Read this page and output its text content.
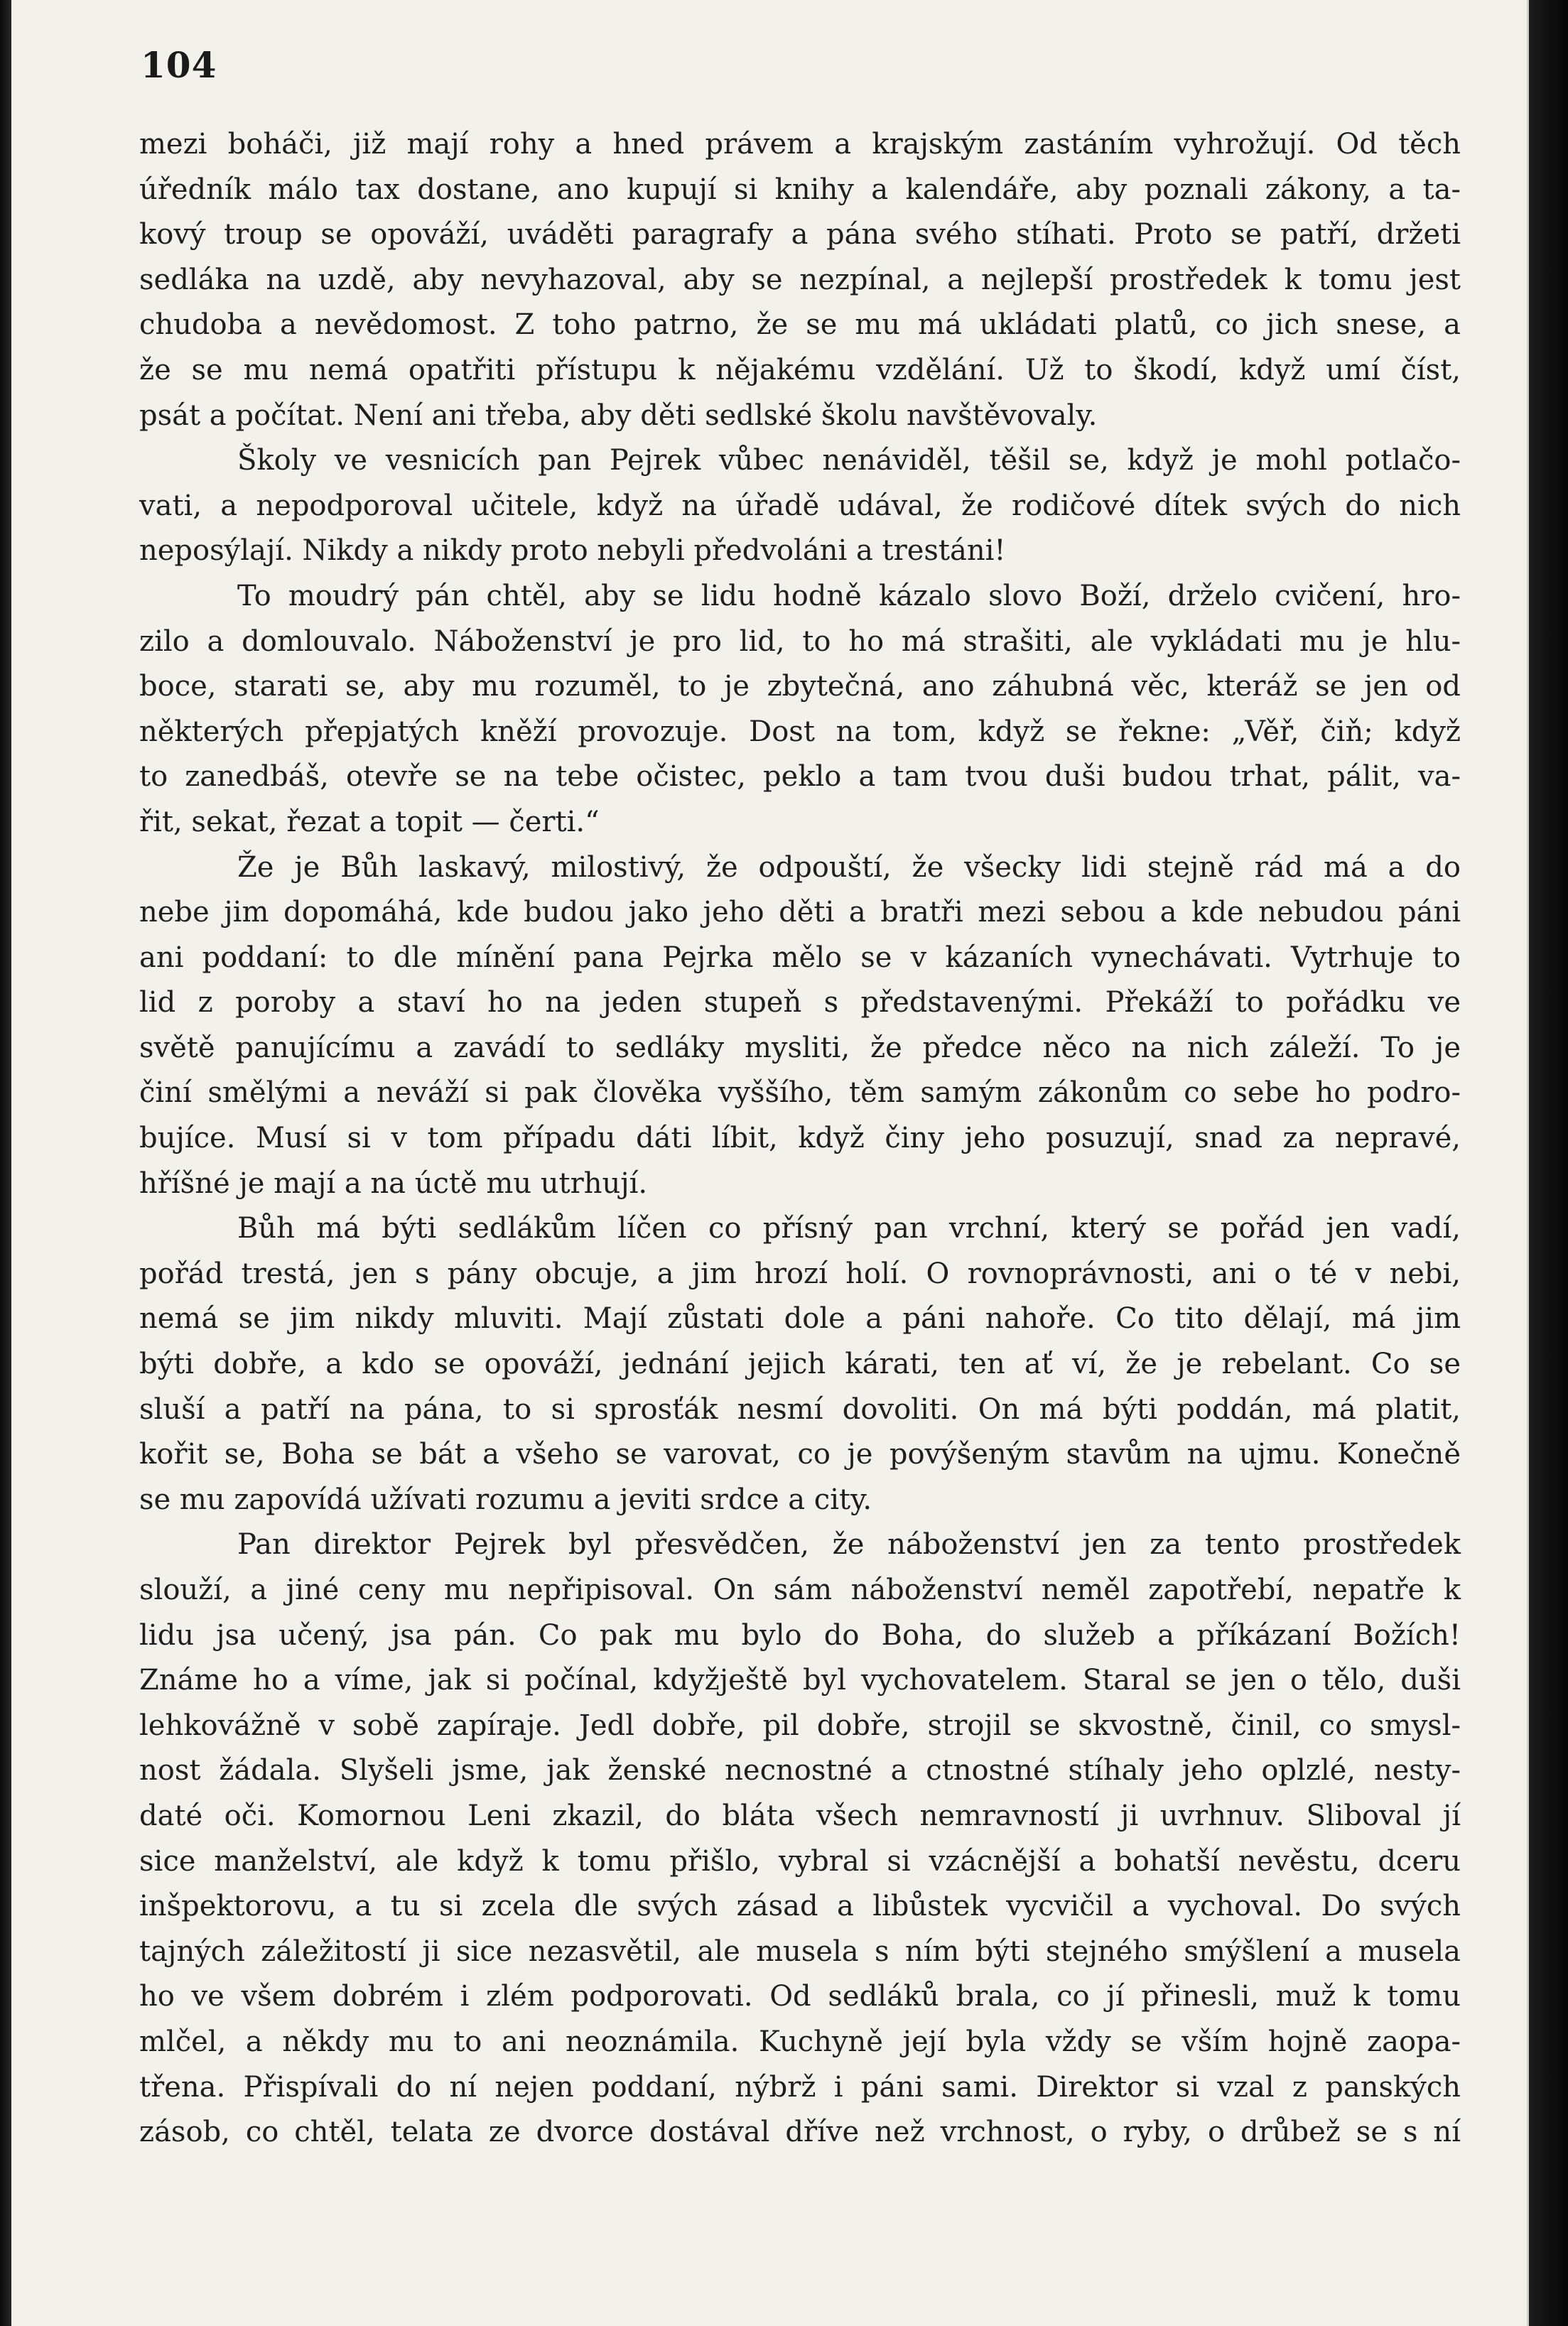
104
mezi boháči, již mají rohy a hned právem a krajským zastáním vyhrožují. Od těch
úředník málo tax dostane, ano kupují si knihy a kalendáře, aby poznali zákony, a ta-
kový troup se opováží, uváděti paragrafy a pána svého stíhati. Proto se patří, držeti
sedláka na uzdě, aby nevyhazoval, aby se nezpínal, a nejlepší prostředek k tomu jest
chudoba a nevědomost. Z toho patrno, že se mu má ukládati platů, co jich snese, a
že se mu nemá opatřiti přístupu k nějakému vzdělání. Už to škodí, když umí číst,
psát a počítat. Není ani třeba, aby děti sedlské školu navštěvovaly.
Školy ve vesnicích pan Pejrek vůbec nenáviděl, těšil se, když je mohl potlačo-
vati, a nepodporoval učitele, když na úřadě udával, že rodičové dítek svých do nich
neposýlají. Nikdy a nikdy proto nebyli předvoláni a trestáni!
To moudrý pán chtěl, aby se lidu hodně kázalo slovo Boží, drželo cvičení, hro-
zilo a domlouvalo. Náboženství je pro lid, to ho má strašiti, ale vykládati mu je hlu-
boce, starati se, aby mu rozuměl, to je zbytečná, ano záhubná věc, kteráž se jen od
některých přepjatých kněží provozuje. Dost na tom, když se řekne: „Věř, čiň; když
to zanedbáš, otevře se na tebe očistec, peklo a tam tvou duši budou trhat, pálit, va-
řit, sekat, řezat a topit — čerti.“
Že je Bůh laskavý, milostivý, že odpouští, že všecky lidi stejně rád má a do
nebe jim dopomáhá, kde budou jako jeho děti a bratři mezi sebou a kde nebudou páni
ani poddaní: to dle mínění pana Pejrka mělo se v kázaních vynechávati. Vytrhuje to
lid z poroby a staví ho na jeden stupeň s představenými. Překáží to pořádku ve
světě panujícímu a zavádí to sedláky mysliti, že předce něco na nich záleží. To je
činí smělými a neváží si pak člověka vyššího, těm samým zákonům co sebe ho podro-
bujíce. Musí si v tom případu dáti líbit, když činy jeho posuzují, snad za nepravé,
hříšné je mají a na úctě mu utrhují.
Bůh má býti sedlákům líčen co přísný pan vrchní, který se pořád jen vadí,
pořád trestá, jen s pány obcuje, a jim hrozí holí. O rovnoprávnosti, ani o té v nebi,
nemá se jim nikdy mluviti. Mají zůstati dole a páni nahoře. Co tito dělají, má jim
býti dobře, a kdo se opováží, jednání jejich kárati, ten ať ví, že je rebelant. Co se
sluší a patří na pána, to si sprosťák nesmí dovoliti. On má býti poddán, má platit,
kořit se, Boha se bát a všeho se varovat, co je povýšeným stavům na ujmu. Konečně
se mu zapovídá užívati rozumu a jeviti srdce a city.
Pan direktor Pejrek byl přesvědčen, že náboženství jen za tento prostředek
slouží, a jiné ceny mu nepřipisoval. On sám náboženství neměl zapotřebí, nepatře k
lidu jsa učený, jsa pán. Co pak mu bylo do Boha, do služeb a příkázaní Božích!
Známe ho a víme, jak si počínal, kdyžještě byl vychovatelem. Staral se jen o tělo, duši
lehkovážně v sobě zapíraje. Jedl dobře, pil dobře, strojil se skvostně, činil, co smysl-
nost žádala. Slyšeli jsme, jak ženské necnostné a ctnostné stíhaly jeho oplzlé, nesty-
daté oči. Komornou Leni zkazil, do bláta všech nemravností ji uvrhnuv. Sliboval jí
sice manželství, ale když k tomu přišlo, vybral si vzácnější a bohatší nevěstu, dceru
inšpektorovu, a tu si zcela dle svých zásad a libůstek vycvičil a vychoval. Do svých
tajných záležitostí ji sice nezasvětil, ale musela s ním býti stejného smýšlení a musela
ho ve všem dobrém i zlém podporovati. Od sedláků brala, co jí přinesli, muž k tomu
mlčel, a někdy mu to ani neoznámila. Kuchyně její byla vždy se vším hojně zaopa-
třena. Přispívali do ní nejen poddaní, nýbrž i páni sami. Direktor si vzal z panských
zásob, co chtěl, telata ze dvorce dostával dříve než vrchnost, o ryby, o drůbež se s ní
